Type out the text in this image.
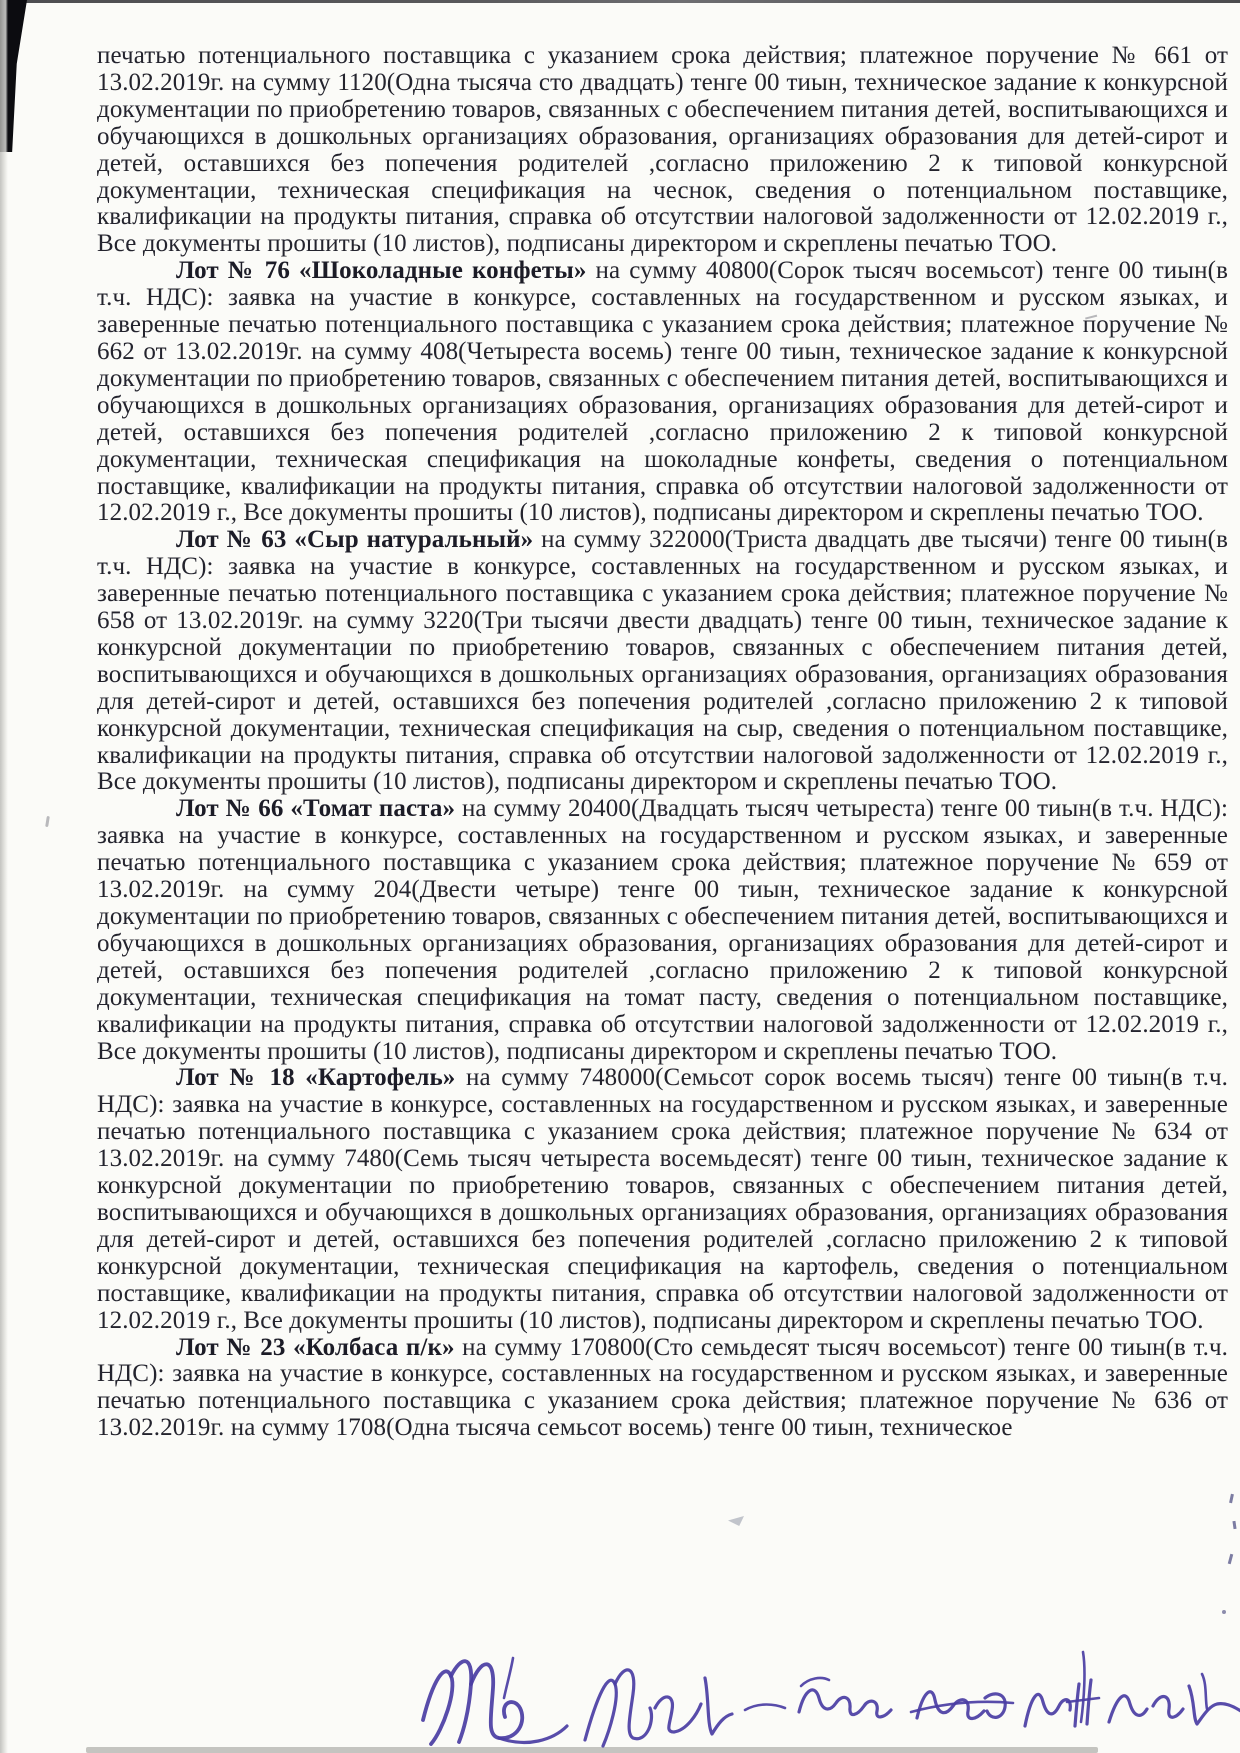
печатью потенциального поставщика с указанием срока действия; платежное поручение № 661 от 13.02.2019г. на сумму 1120(Одна тысяча сто двадцать) тенге 00 тиын, техническое задание к конкурсной документации по приобретению товаров, связанных с обеспечением питания детей, воспитывающихся и обучающихся в дошкольных организациях образования, организациях образования для детей-сирот и детей, оставшихся без попечения родителей ,согласно приложению 2 к типовой конкурсной документации, техническая спецификация на чеснок, сведения о потенциальном поставщике, квалификации на продукты питания, справка об отсутствии налоговой задолженности от 12.02.2019 г., Все документы прошиты (10 листов), подписаны директором и скреплены печатью ТОО.

Лот № 76 «Шоколадные конфеты» на сумму 40800(Сорок тысяч восемьсот) тенге 00 тиын(в т.ч. НДС): заявка на участие в конкурсе, составленных на государственном и русском языках, и заверенные печатью потенциального поставщика с указанием срока действия; платежное поручение № 662 от 13.02.2019г. на сумму 408(Четыреста восемь) тенге 00 тиын, техническое задание к конкурсной документации по приобретению товаров, связанных с обеспечением питания детей, воспитывающихся и обучающихся в дошкольных организациях образования, организациях образования для детей-сирот и детей, оставшихся без попечения родителей ,согласно приложению 2 к типовой конкурсной документации, техническая спецификация на шоколадные конфеты, сведения о потенциальном поставщике, квалификации на продукты питания, справка об отсутствии налоговой задолженности от 12.02.2019 г., Все документы прошиты (10 листов), подписаны директором и скреплены печатью ТОО.

Лот № 63 «Сыр натуральный» на сумму 322000(Триста двадцать две тысячи) тенге 00 тиын(в т.ч. НДС): заявка на участие в конкурсе, составленных на государственном и русском языках, и заверенные печатью потенциального поставщика с указанием срока действия; платежное поручение № 658 от 13.02.2019г. на сумму 3220(Три тысячи двести двадцать) тенге 00 тиын, техническое задание к конкурсной документации по приобретению товаров, связанных с обеспечением питания детей, воспитывающихся и обучающихся в дошкольных организациях образования, организациях образования для детей-сирот и детей, оставшихся без попечения родителей ,согласно приложению 2 к типовой конкурсной документации, техническая спецификация на сыр, сведения о потенциальном поставщике, квалификации на продукты питания, справка об отсутствии налоговой задолженности от 12.02.2019 г., Все документы прошиты (10 листов), подписаны директором и скреплены печатью ТОО.

Лот № 66 «Томат паста» на сумму 20400(Двадцать тысяч четыреста) тенге 00 тиын(в т.ч. НДС): заявка на участие в конкурсе, составленных на государственном и русском языках, и заверенные печатью потенциального поставщика с указанием срока действия; платежное поручение № 659 от 13.02.2019г. на сумму 204(Двести четыре) тенге 00 тиын, техническое задание к конкурсной документации по приобретению товаров, связанных с обеспечением питания детей, воспитывающихся и обучающихся в дошкольных организациях образования, организациях образования для детей-сирот и детей, оставшихся без попечения родителей ,согласно приложению 2 к типовой конкурсной документации, техническая спецификация на томат пасту, сведения о потенциальном поставщике, квалификации на продукты питания, справка об отсутствии налоговой задолженности от 12.02.2019 г., Все документы прошиты (10 листов), подписаны директором и скреплены печатью ТОО.

Лот № 18 «Картофель» на сумму 748000(Семьсот сорок восемь тысяч) тенге 00 тиын(в т.ч. НДС): заявка на участие в конкурсе, составленных на государственном и русском языках, и заверенные печатью потенциального поставщика с указанием срока действия; платежное поручение № 634 от 13.02.2019г. на сумму 7480(Семь тысяч четыреста восемьдесят) тенге 00 тиын, техническое задание к конкурсной документации по приобретению товаров, связанных с обеспечением питания детей, воспитывающихся и обучающихся в дошкольных организациях образования, организациях образования для детей-сирот и детей, оставшихся без попечения родителей ,согласно приложению 2 к типовой конкурсной документации, техническая спецификация на картофель, сведения о потенциальном поставщике, квалификации на продукты питания, справка об отсутствии налоговой задолженности от 12.02.2019 г., Все документы прошиты (10 листов), подписаны директором и скреплены печатью ТОО.

Лот № 23 «Колбаса п/к» на сумму 170800(Сто семьдесят тысяч восемьсот) тенге 00 тиын(в т.ч. НДС): заявка на участие в конкурсе, составленных на государственном и русском языках, и заверенные печатью потенциального поставщика с указанием срока действия; платежное поручение № 636 от 13.02.2019г. на сумму 1708(Одна тысяча семьсот восемь) тенге 00 тиын, техническое
